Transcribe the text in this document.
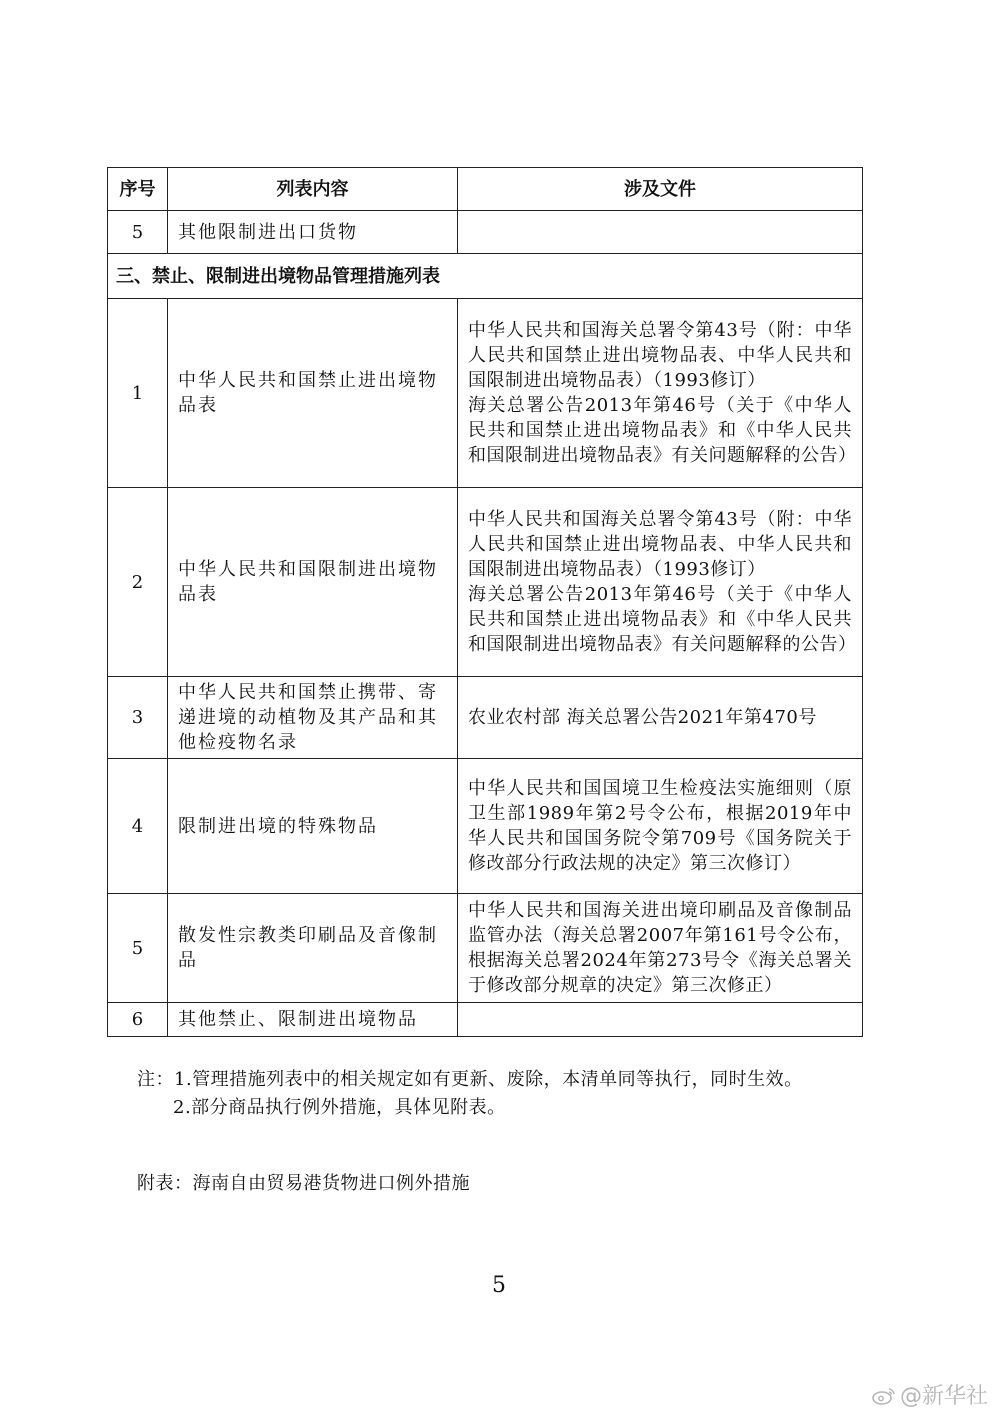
序号	列表内容	涉及文件
5	其他限制进出口货物	
三、禁止、限制进出境物品管理措施列表		
1	中华人民共和国禁止进出境物品表	中华人民共和国海关总署令第43号（附：中华人民共和国禁止进出境物品表、中华人民共和国限制进出境物品表）（1993修订）
海关总署公告2013年第46号（关于《中华人民共和国禁止进出境物品表》和《中华人民共和国限制进出境物品表》有关问题解释的公告）

2	中华人民共和国限制进出境物品表	中华人民共和国海关总署令第43号（附：中华人民共和国禁止进出境物品表、中华人民共和国限制进出境物品表）（1993修订）
海关总署公告2013年第46号（关于《中华人民共和国禁止进出境物品表》和《中华人民共和国限制进出境物品表》有关问题解释的公告）

3	中华人民共和国禁止携带、寄递进境的动植物及其产品和其他检疫物名录	农业农村部 海关总署公告2021年第470号

4	限制进出境的特殊物品	中华人民共和国国境卫生检疫法实施细则（原卫生部1989年第2号令公布，根据2019年中华人民共和国国务院令第709号《国务院关于修改部分行政法规的决定》第三次修订）

5	散发性宗教类印刷品及音像制品	中华人民共和国海关进出境印刷品及音像制品监管办法（海关总署2007年第161号令公布，根据海关总署2024年第273号令《海关总署关于修改部分规章的决定》第三次修正）

6	其他禁止、限制进出境物品	
注：1.管理措施列表中的相关规定如有更新、废除，本清单同等执行，同时生效。
2.部分商品执行例外措施，具体见附表。
附表：海南自由贸易港货物进口例外措施
5
@新华社
